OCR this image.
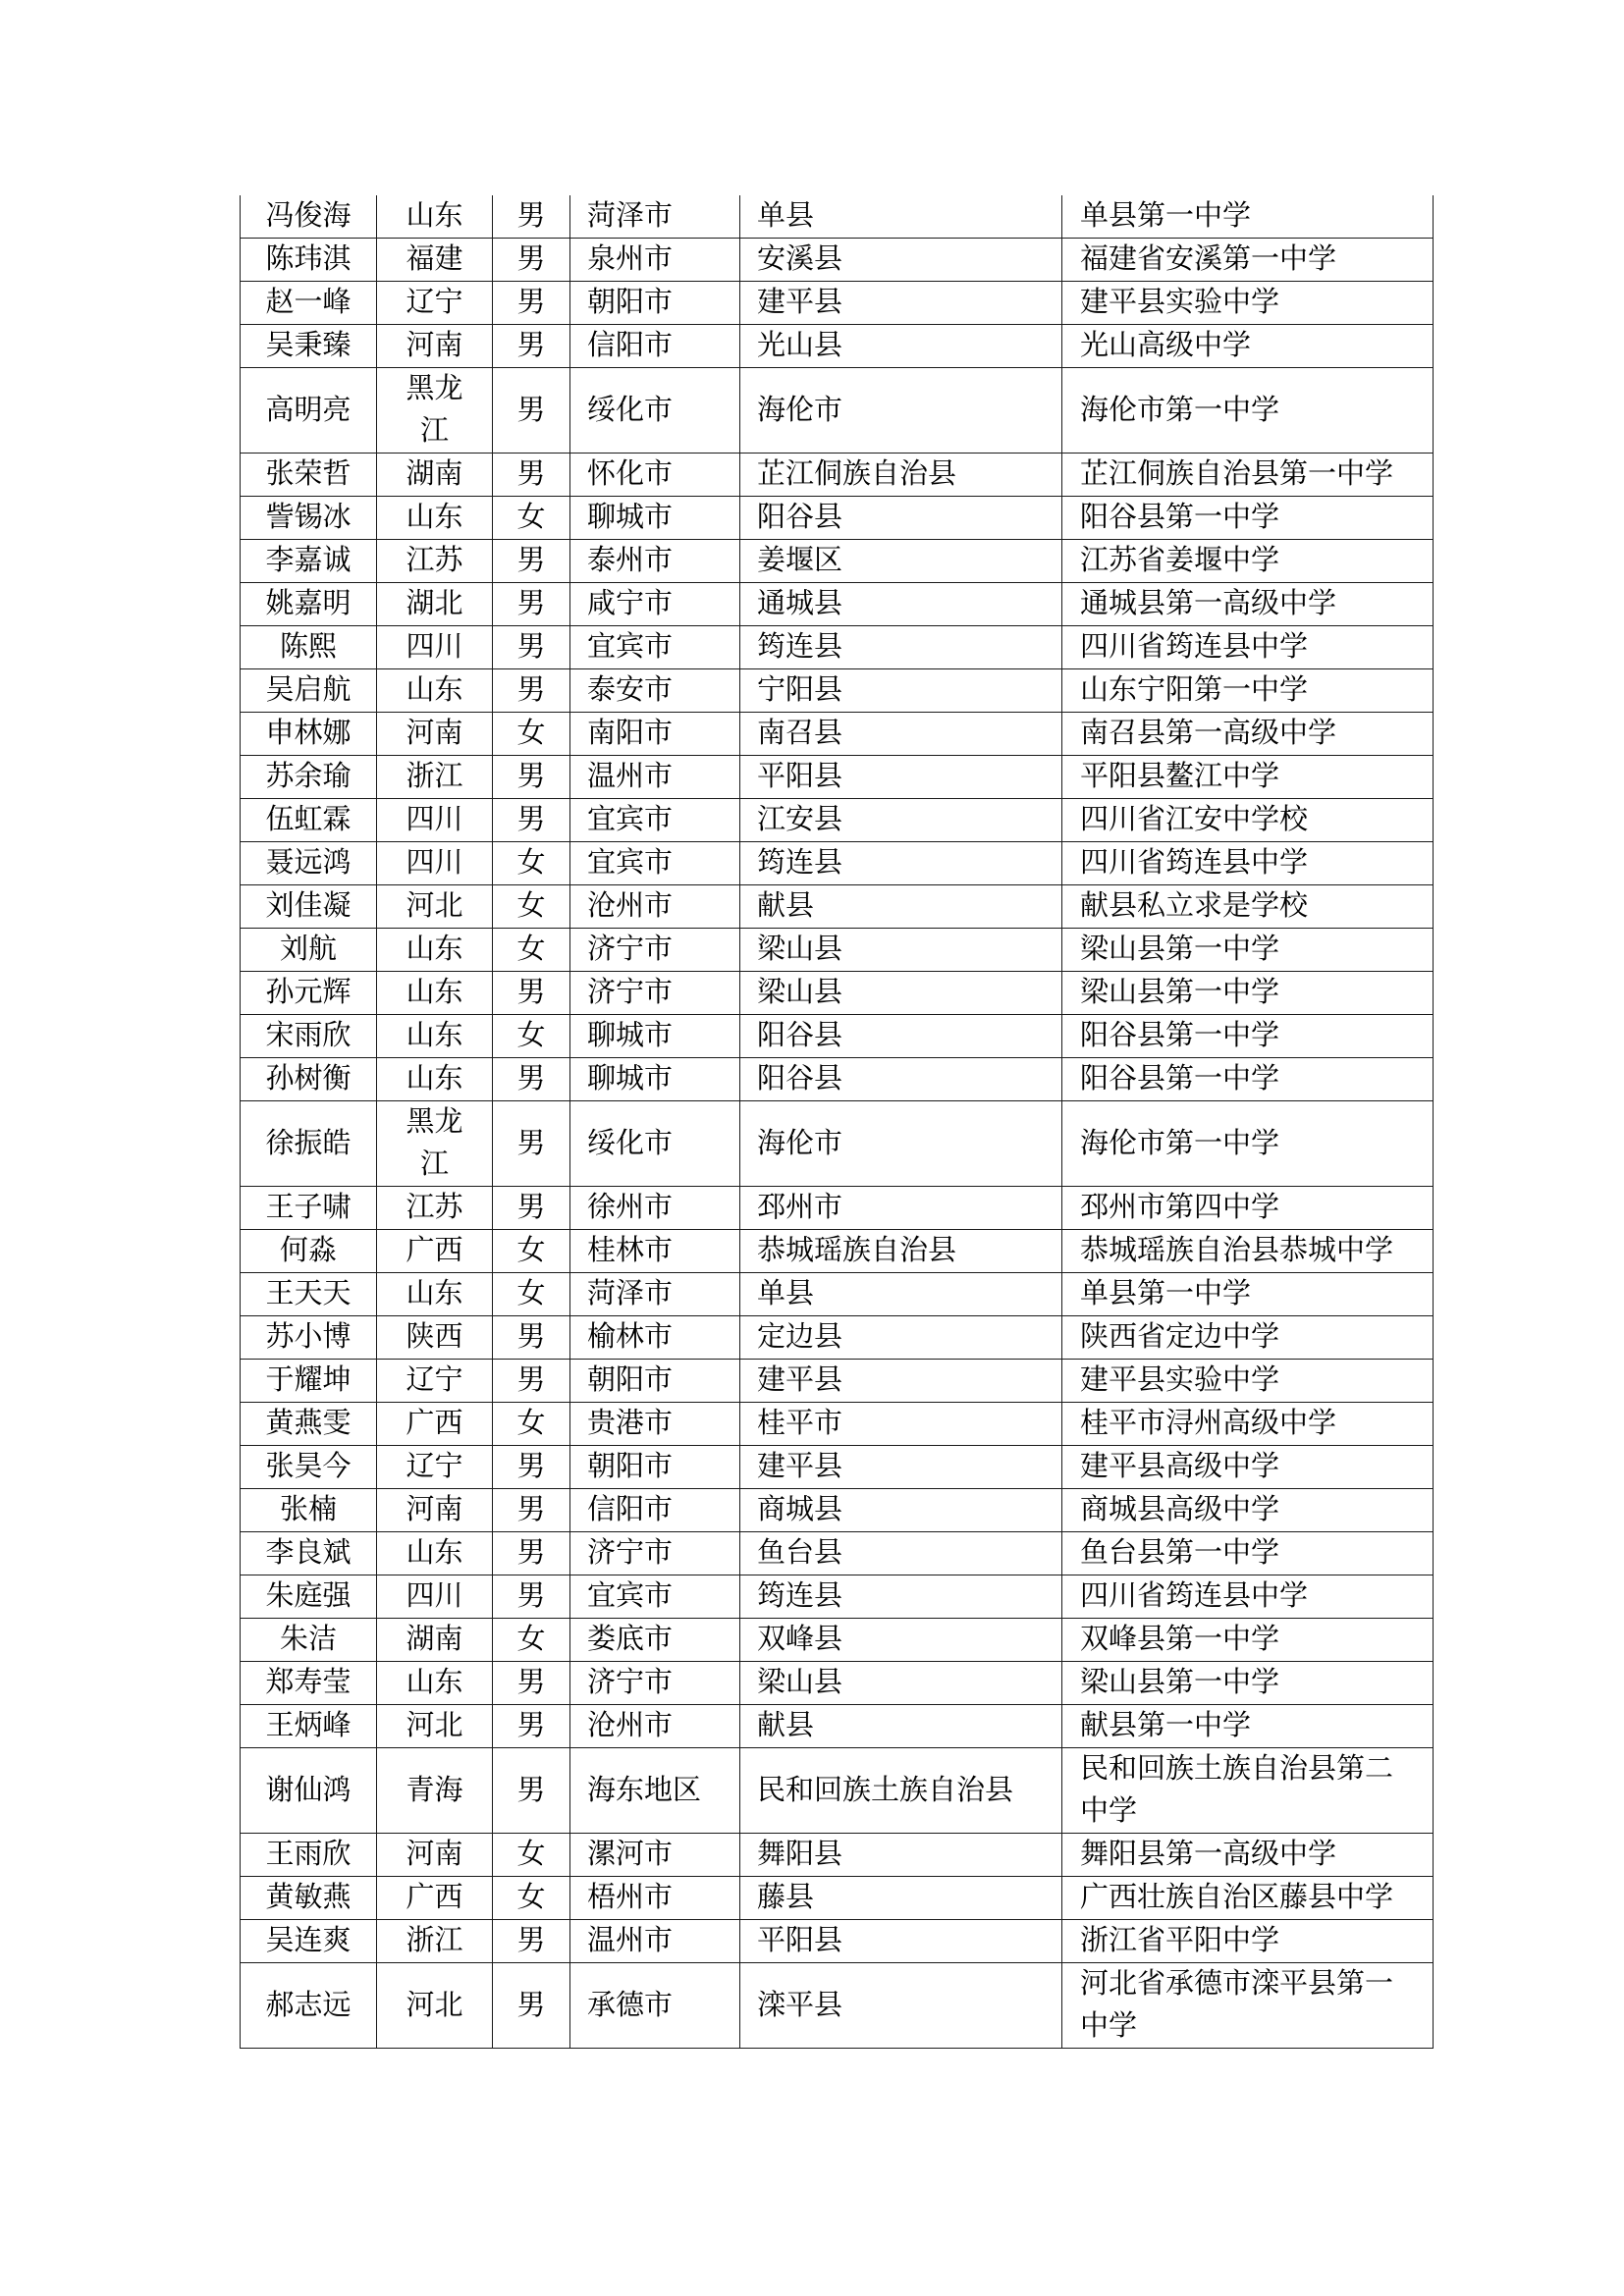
冯俊海	山东	男	菏泽市	单县	单县第一中学
陈玮淇	福建	男	泉州市	安溪县	福建省安溪第一中学
赵一峰	辽宁	男	朝阳市	建平县	建平县实验中学
吴秉臻	河南	男	信阳市	光山县	光山高级中学
高明亮	黑龙江	男	绥化市	海伦市	海伦市第一中学
张荣哲	湖南	男	怀化市	芷江侗族自治县	芷江侗族自治县第一中学
訾锡冰	山东	女	聊城市	阳谷县	阳谷县第一中学
李嘉诚	江苏	男	泰州市	姜堰区	江苏省姜堰中学
姚嘉明	湖北	男	咸宁市	通城县	通城县第一高级中学
陈熙	四川	男	宜宾市	筠连县	四川省筠连县中学
吴启航	山东	男	泰安市	宁阳县	山东宁阳第一中学
申林娜	河南	女	南阳市	南召县	南召县第一高级中学
苏余瑜	浙江	男	温州市	平阳县	平阳县鳌江中学
伍虹霖	四川	男	宜宾市	江安县	四川省江安中学校
聂远鸿	四川	女	宜宾市	筠连县	四川省筠连县中学
刘佳凝	河北	女	沧州市	献县	献县私立求是学校
刘航	山东	女	济宁市	梁山县	梁山县第一中学
孙元辉	山东	男	济宁市	梁山县	梁山县第一中学
宋雨欣	山东	女	聊城市	阳谷县	阳谷县第一中学
孙树衡	山东	男	聊城市	阳谷县	阳谷县第一中学
徐振皓	黑龙江	男	绥化市	海伦市	海伦市第一中学
王子啸	江苏	男	徐州市	邳州市	邳州市第四中学
何淼	广西	女	桂林市	恭城瑶族自治县	恭城瑶族自治县恭城中学
王天天	山东	女	菏泽市	单县	单县第一中学
苏小博	陕西	男	榆林市	定边县	陕西省定边中学
于耀坤	辽宁	男	朝阳市	建平县	建平县实验中学
黄燕雯	广西	女	贵港市	桂平市	桂平市浔州高级中学
张昊今	辽宁	男	朝阳市	建平县	建平县高级中学
张楠	河南	男	信阳市	商城县	商城县高级中学
李良斌	山东	男	济宁市	鱼台县	鱼台县第一中学
朱庭强	四川	男	宜宾市	筠连县	四川省筠连县中学
朱洁	湖南	女	娄底市	双峰县	双峰县第一中学
郑寿莹	山东	男	济宁市	梁山县	梁山县第一中学
王炳峰	河北	男	沧州市	献县	献县第一中学
谢仙鸿	青海	男	海东地区	民和回族土族自治县	民和回族土族自治县第二中学
王雨欣	河南	女	漯河市	舞阳县	舞阳县第一高级中学
黄敏燕	广西	女	梧州市	藤县	广西壮族自治区藤县中学
吴连爽	浙江	男	温州市	平阳县	浙江省平阳中学
郝志远	河北	男	承德市	滦平县	河北省承德市滦平县第一中学
